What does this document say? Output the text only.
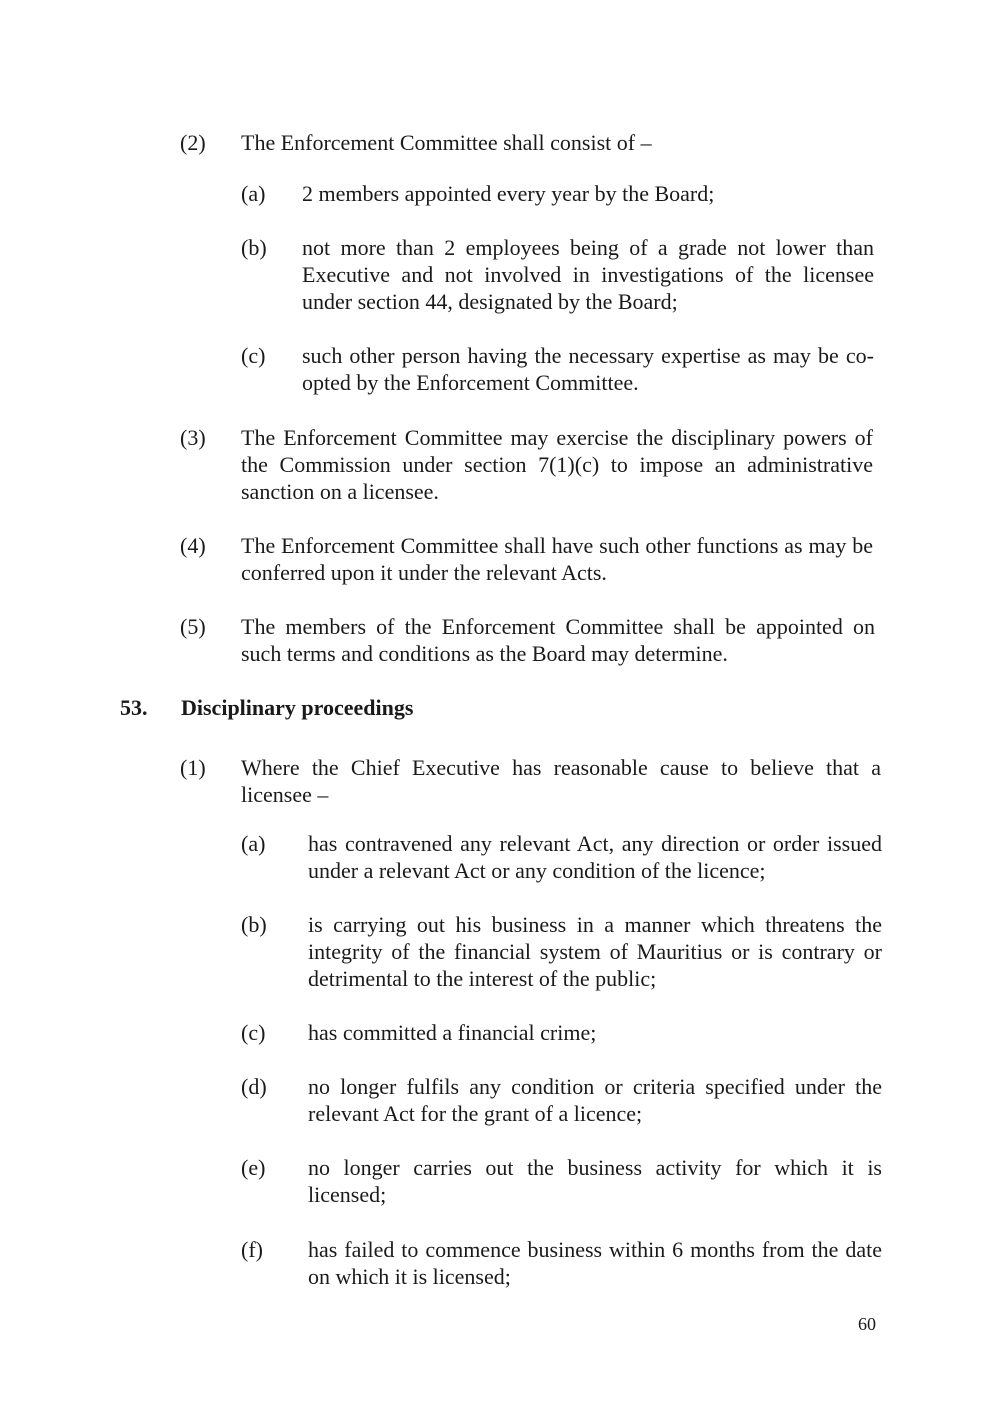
(2) The Enforcement Committee shall consist of –
(a) 2 members appointed every year by the Board;
(b) not more than 2 employees being of a grade not lower than Executive and not involved in investigations of the licensee under section 44, designated by the Board;
(c) such other person having the necessary expertise as may be co-opted by the Enforcement Committee.
(3) The Enforcement Committee may exercise the disciplinary powers of the Commission under section 7(1)(c) to impose an administrative sanction on a licensee.
(4) The Enforcement Committee shall have such other functions as may be conferred upon it under the relevant Acts.
(5) The members of the Enforcement Committee shall be appointed on such terms and conditions as the Board may determine.
53. Disciplinary proceedings
(1) Where the Chief Executive has reasonable cause to believe that a licensee –
(a) has contravened any relevant Act, any direction or order issued under a relevant Act or any condition of the licence;
(b) is carrying out his business in a manner which threatens the integrity of the financial system of Mauritius or is contrary or detrimental to the interest of the public;
(c) has committed a financial crime;
(d) no longer fulfils any condition or criteria specified under the relevant Act for the grant of a licence;
(e) no longer carries out the business activity for which it is licensed;
(f) has failed to commence business within 6 months from the date on which it is licensed;
60
